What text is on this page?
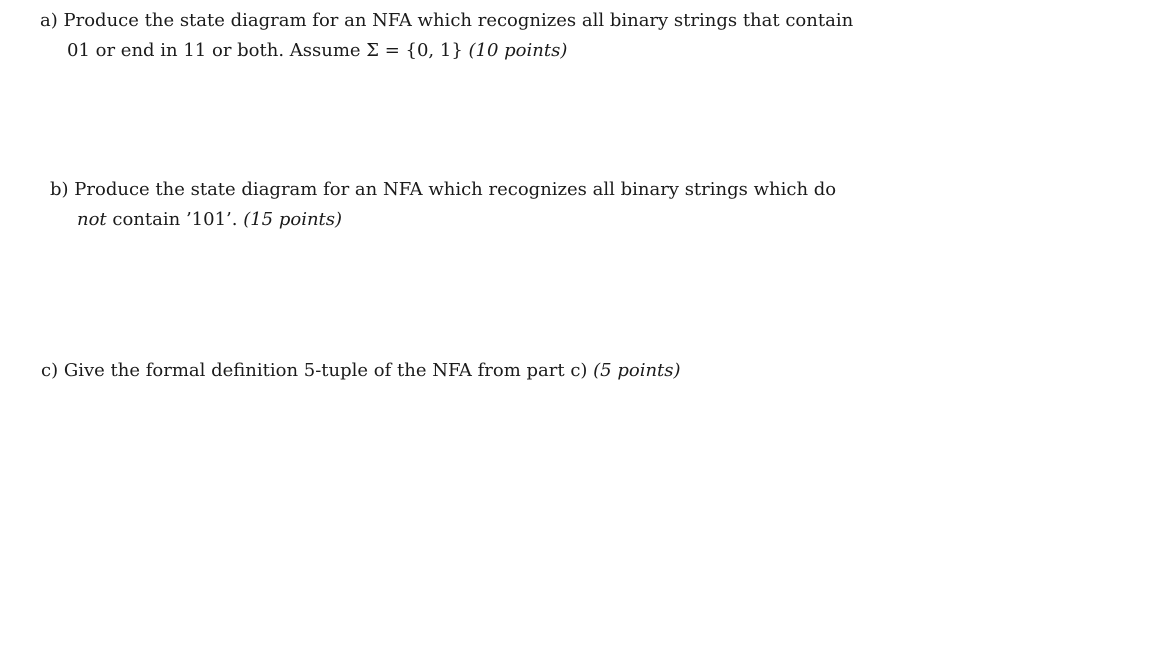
a) Produce the state diagram for an NFA which recognizes all binary strings that contain
01 or end in 11 or both. Assume Σ = {0, 1} (10 points)
b) Produce the state diagram for an NFA which recognizes all binary strings which do
not contain ’101’. (15 points)
c) Give the formal definition 5-tuple of the NFA from part c) (5 points)
